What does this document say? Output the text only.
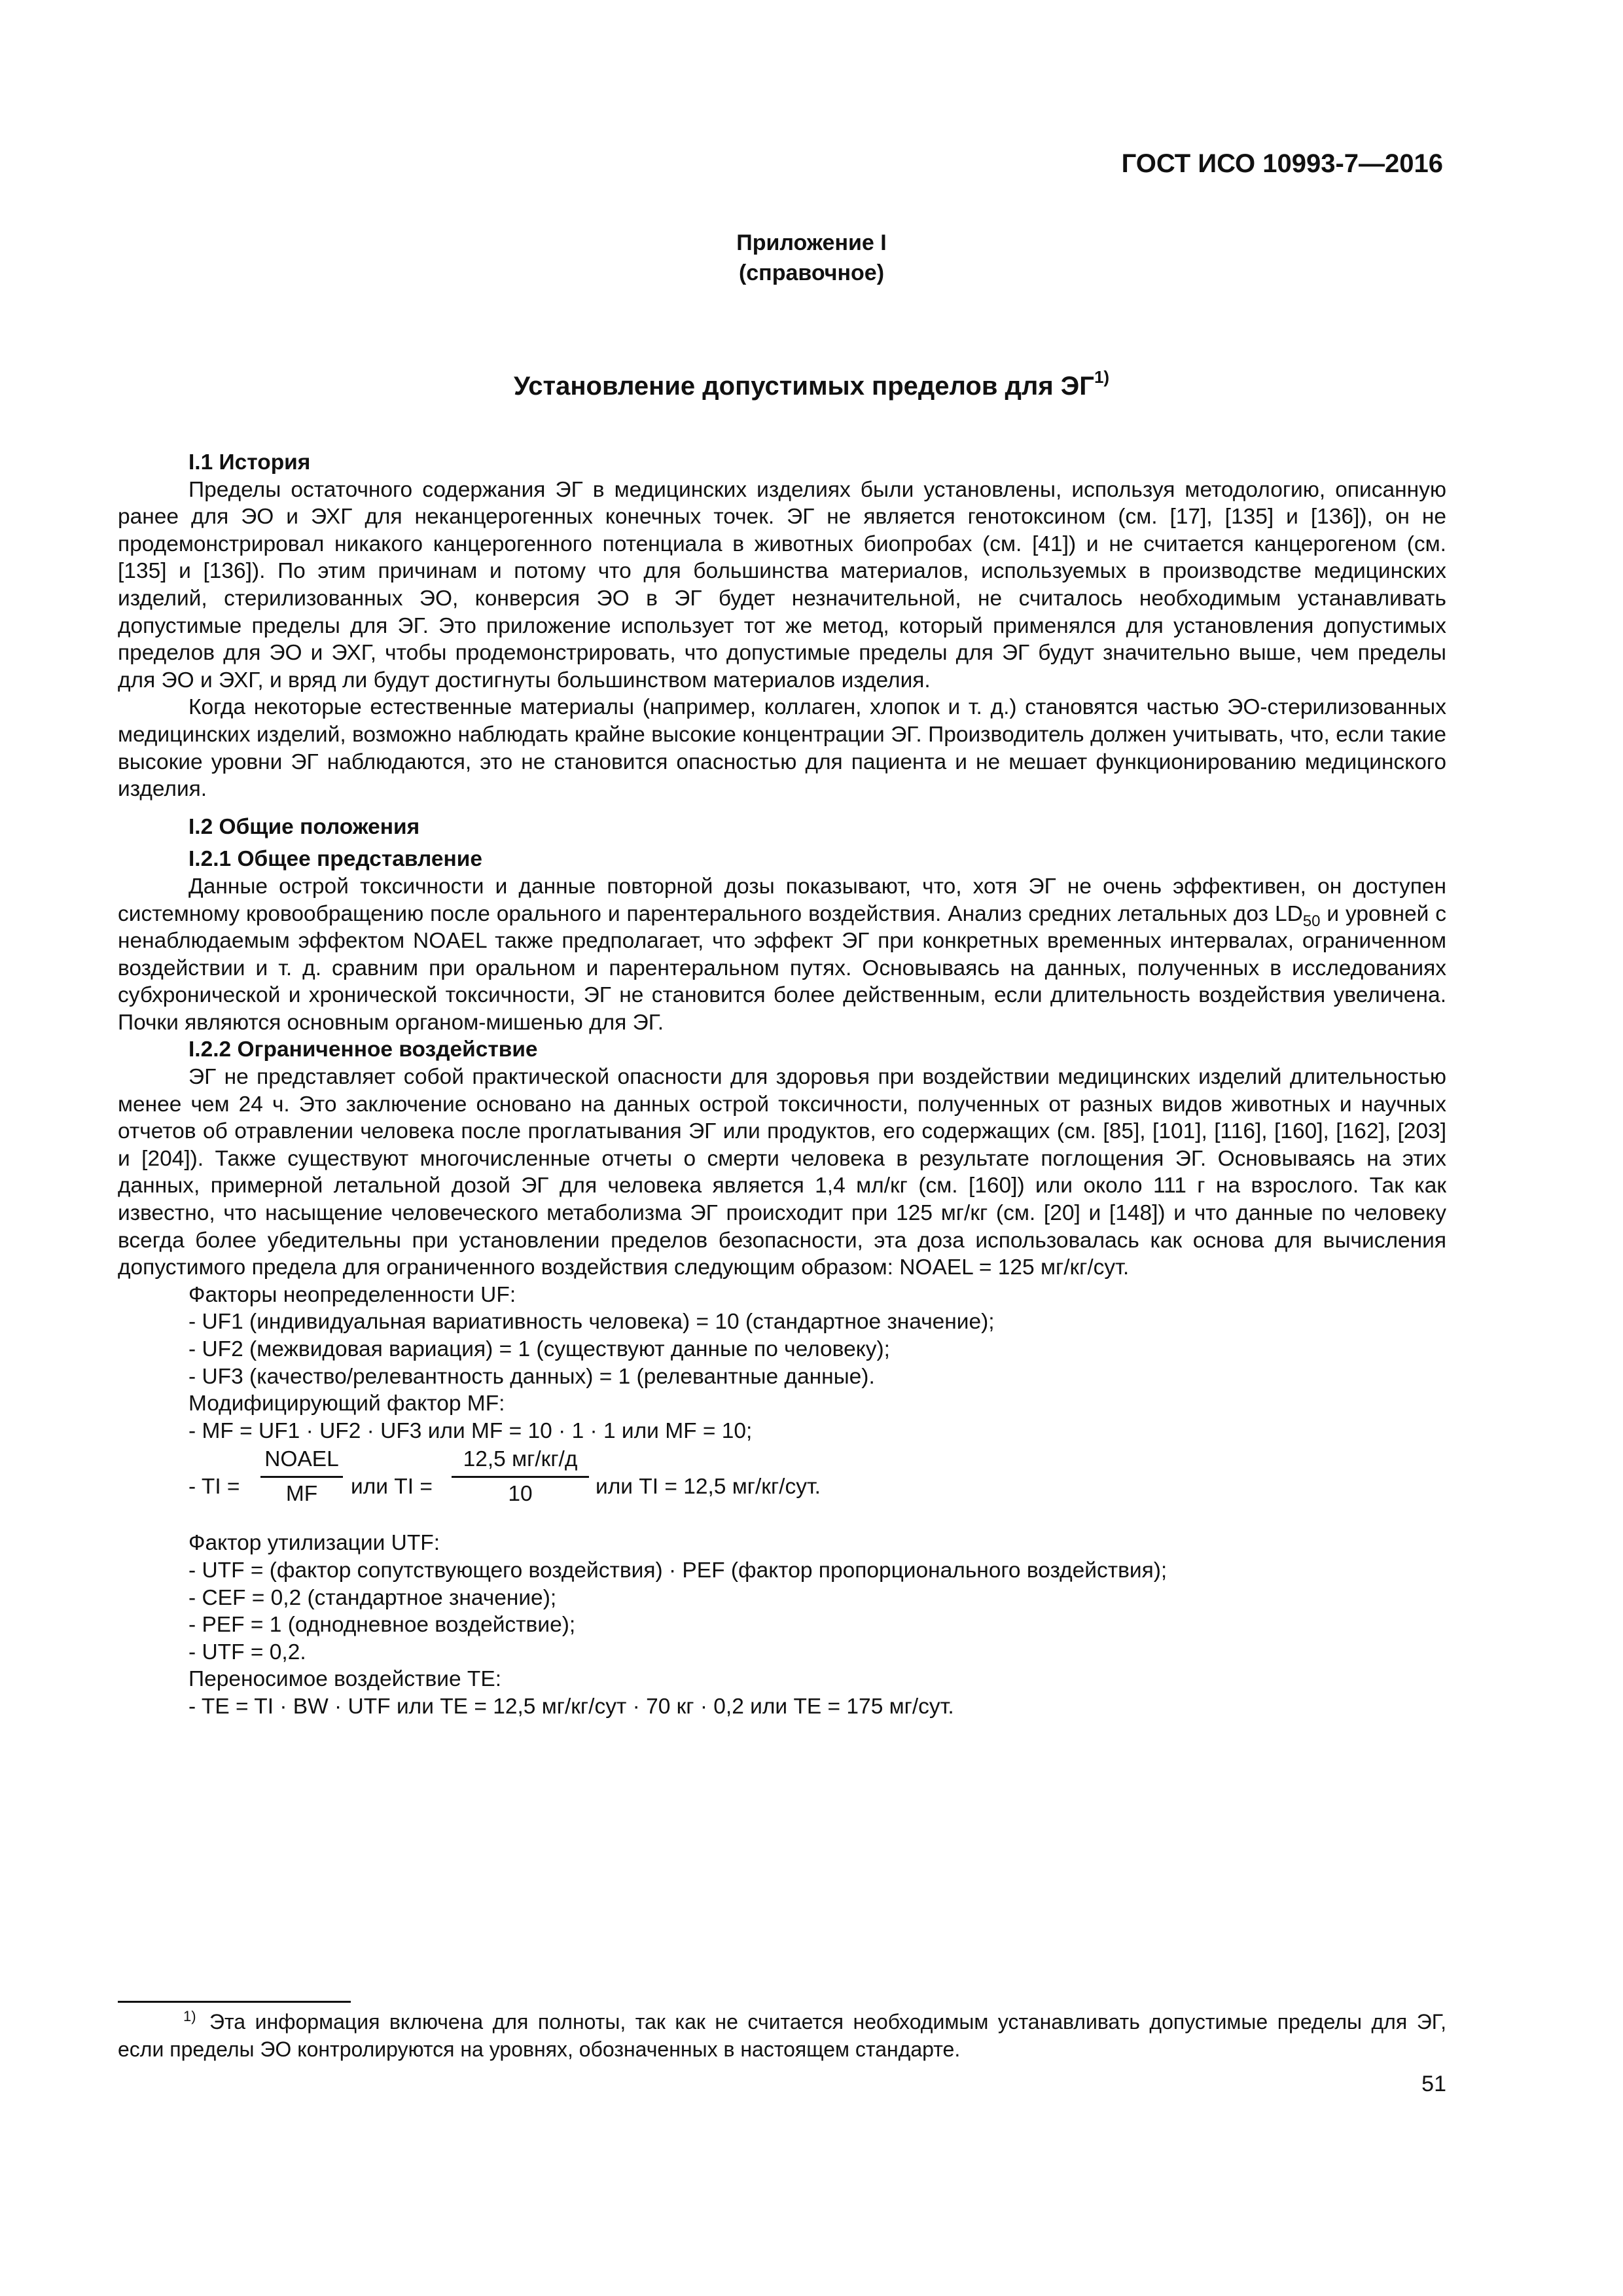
ГОСТ ИСО 10993-7—2016
Приложение I
(справочное)
Установление допустимых пределов для ЭГ$^{1)}$
I.1 История

Пределы остаточного содержания ЭГ в медицинских изделиях были установлены, используя методологию, описанную ранее для ЭО и ЭХГ для неканцерогенных конечных точек. ЭГ не является генотоксином (см. [17], [135] и [136]), он не продемонстрировал никакого канцерогенного потенциала в животных биопробах (см. [41]) и не считается канцерогеном (см. [135] и [136]). По этим причинам и потому что для большинства материалов, используемых в производстве медицинских изделий, стерилизованных ЭО, конверсия ЭО в ЭГ будет незначительной, не считалось необходимым устанавливать допустимые пределы для ЭГ. Это приложение использует тот же метод, который применялся для установления допустимых пределов для ЭО и ЭХГ, чтобы продемонстрировать, что допустимые пределы для ЭГ будут значительно выше, чем пределы для ЭО и ЭХГ, и вряд ли будут достигнуты большинством материалов изделия.

Когда некоторые естественные материалы (например, коллаген, хлопок и т. д.) становятся частью ЭО-стерилизованных медицинских изделий, возможно наблюдать крайне высокие концентрации ЭГ. Производитель должен учитывать, что, если такие высокие уровни ЭГ наблюдаются, это не становится опасностью для пациента и не мешает функционированию медицинского изделия.

I.2 Общие положения
I.2.1 Общее представление

Данные острой токсичности и данные повторной дозы показывают, что, хотя ЭГ не очень эффективен, он доступен системному кровообращению после орального и парентерального воздействия. Анализ средних летальных доз $LD_{50}$ и уровней с ненаблюдаемым эффектом NOAEL также предполагает, что эффект ЭГ при конкретных временных интервалах, ограниченном воздействии и т. д. сравним при оральном и парентеральном путях. Основываясь на данных, полученных в исследованиях субхронической и хронической токсичности, ЭГ не становится более действенным, если длительность воздействия увеличена. Почки являются основным органом-мишенью для ЭГ.

I.2.2 Ограниченное воздействие

ЭГ не представляет собой практической опасности для здоровья при воздействии медицинских изделий длительностью менее чем 24 ч. Это заключение основано на данных острой токсичности, полученных от разных видов животных и научных отчетов об отравлении человека после проглатывания ЭГ или продуктов, его содержащих (см. [85], [101], [116], [160], [162], [203] и [204]). Также существуют многочисленные отчеты о смерти человека в результате поглощения ЭГ. Основываясь на этих данных, примерной летальной дозой ЭГ для человека является 1,4 мл/кг (см. [160]) или около 111 г на взрослого. Так как известно, что насыщение человеческого метаболизма ЭГ происходит при 125 мг/кг (см. [20] и [148]) и что данные по человеку всегда более убедительны при установлении пределов безопасности, эта доза использовалась как основа для вычисления допустимого предела для ограниченного воздействия следующим образом: NOAEL = 125 мг/кг/сут.

Факторы неопределенности UF:
- UF1 (индивидуальная вариативность человека) = 10 (стандартное значение);
- UF2 (межвидовая вариация) = 1 (существуют данные по человеку);
- UF3 (качество/релевантность данных) = 1 (релевантные данные).
Модифицирующий фактор MF:
- MF = UF1 · UF2 · UF3 или MF = 10 · 1 · 1 или MF = 10;
- TI =
NOAEL
MF	или TI =
12,5 мг/кг/д
10	или TI = 12,5 мг/кг/сут.
Фактор утилизации UTF:
- UTF = (фактор сопутствующего воздействия) · PEF (фактор пропорционального воздействия);
- CEF = 0,2 (стандартное значение);
- PEF = 1 (однодневное воздействие);
- UTF = 0,2.
Переносимое воздействие TE:
- TE = TI · BW · UTF или TE = 12,5 мг/кг/сут · 70 кг · 0,2 или TE = 175 мг/сут.
$^{1)}$ Эта информация включена для полноты, так как не считается необходимым устанавливать допустимые пределы для ЭГ, если пределы ЭО контролируются на уровнях, обозначенных в настоящем стандарте.
51
